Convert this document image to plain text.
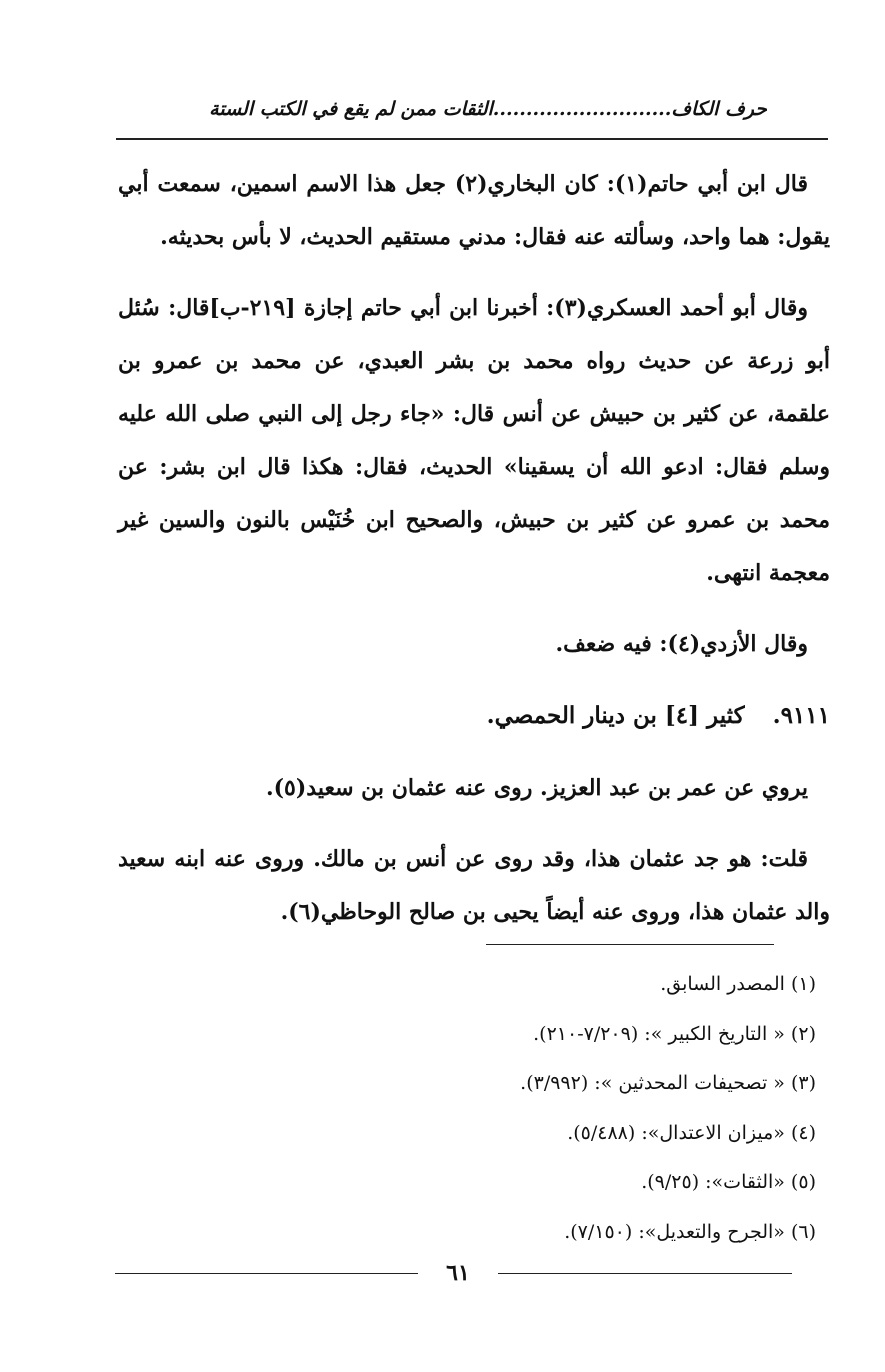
حرف الكاف...........................الثقات ممن لم يقع في الكتب الستة

قال ابن أبي حاتم(١): كان البخاري(٢) جعل هذا الاسم اسمين، سمعت أبي يقول: هما واحد، وسألته عنه فقال: مدني مستقيم الحديث، لا بأس بحديثه.

وقال أبو أحمد العسكري(٣): أخبرنا ابن أبي حاتم إجازة [٢١٩-ب]قال: سُئل أبو زرعة عن حديث رواه محمد بن بشر العبدي، عن محمد بن عمرو بن علقمة، عن كثير بن حبيش عن أنس قال: «جاء رجل إلى النبي صلى الله عليه وسلم فقال: ادعو الله أن يسقينا» الحديث، فقال: هكذا قال ابن بشر: عن محمد بن عمرو عن كثير بن حبيش، والصحيح ابن خُنَيْس بالنون والسين غير معجمة انتهى.

وقال الأزدي(٤): فيه ضعف.

٩١١١.كثير [٤] بن دينار الحمصي.

يروي عن عمر بن عبد العزيز. روى عنه عثمان بن سعيد(٥).

قلت: هو جد عثمان هذا، وقد روى عن أنس بن مالك. وروى عنه ابنه سعيد والد عثمان هذا، وروى عنه أيضاً يحيى بن صالح الوحاظي(٦).

(١) المصدر السابق.
(٢) « التاريخ الكبير »: (٧/٢٠٩-٢١٠).
(٣) « تصحيفات المحدثين »: (٣/٩٩٢).
(٤) «ميزان الاعتدال»: (٥/٤٨٨).
(٥) «الثقات»: (٩/٢٥).
(٦) «الجرح والتعديل»: (٧/١٥٠).
٦١
